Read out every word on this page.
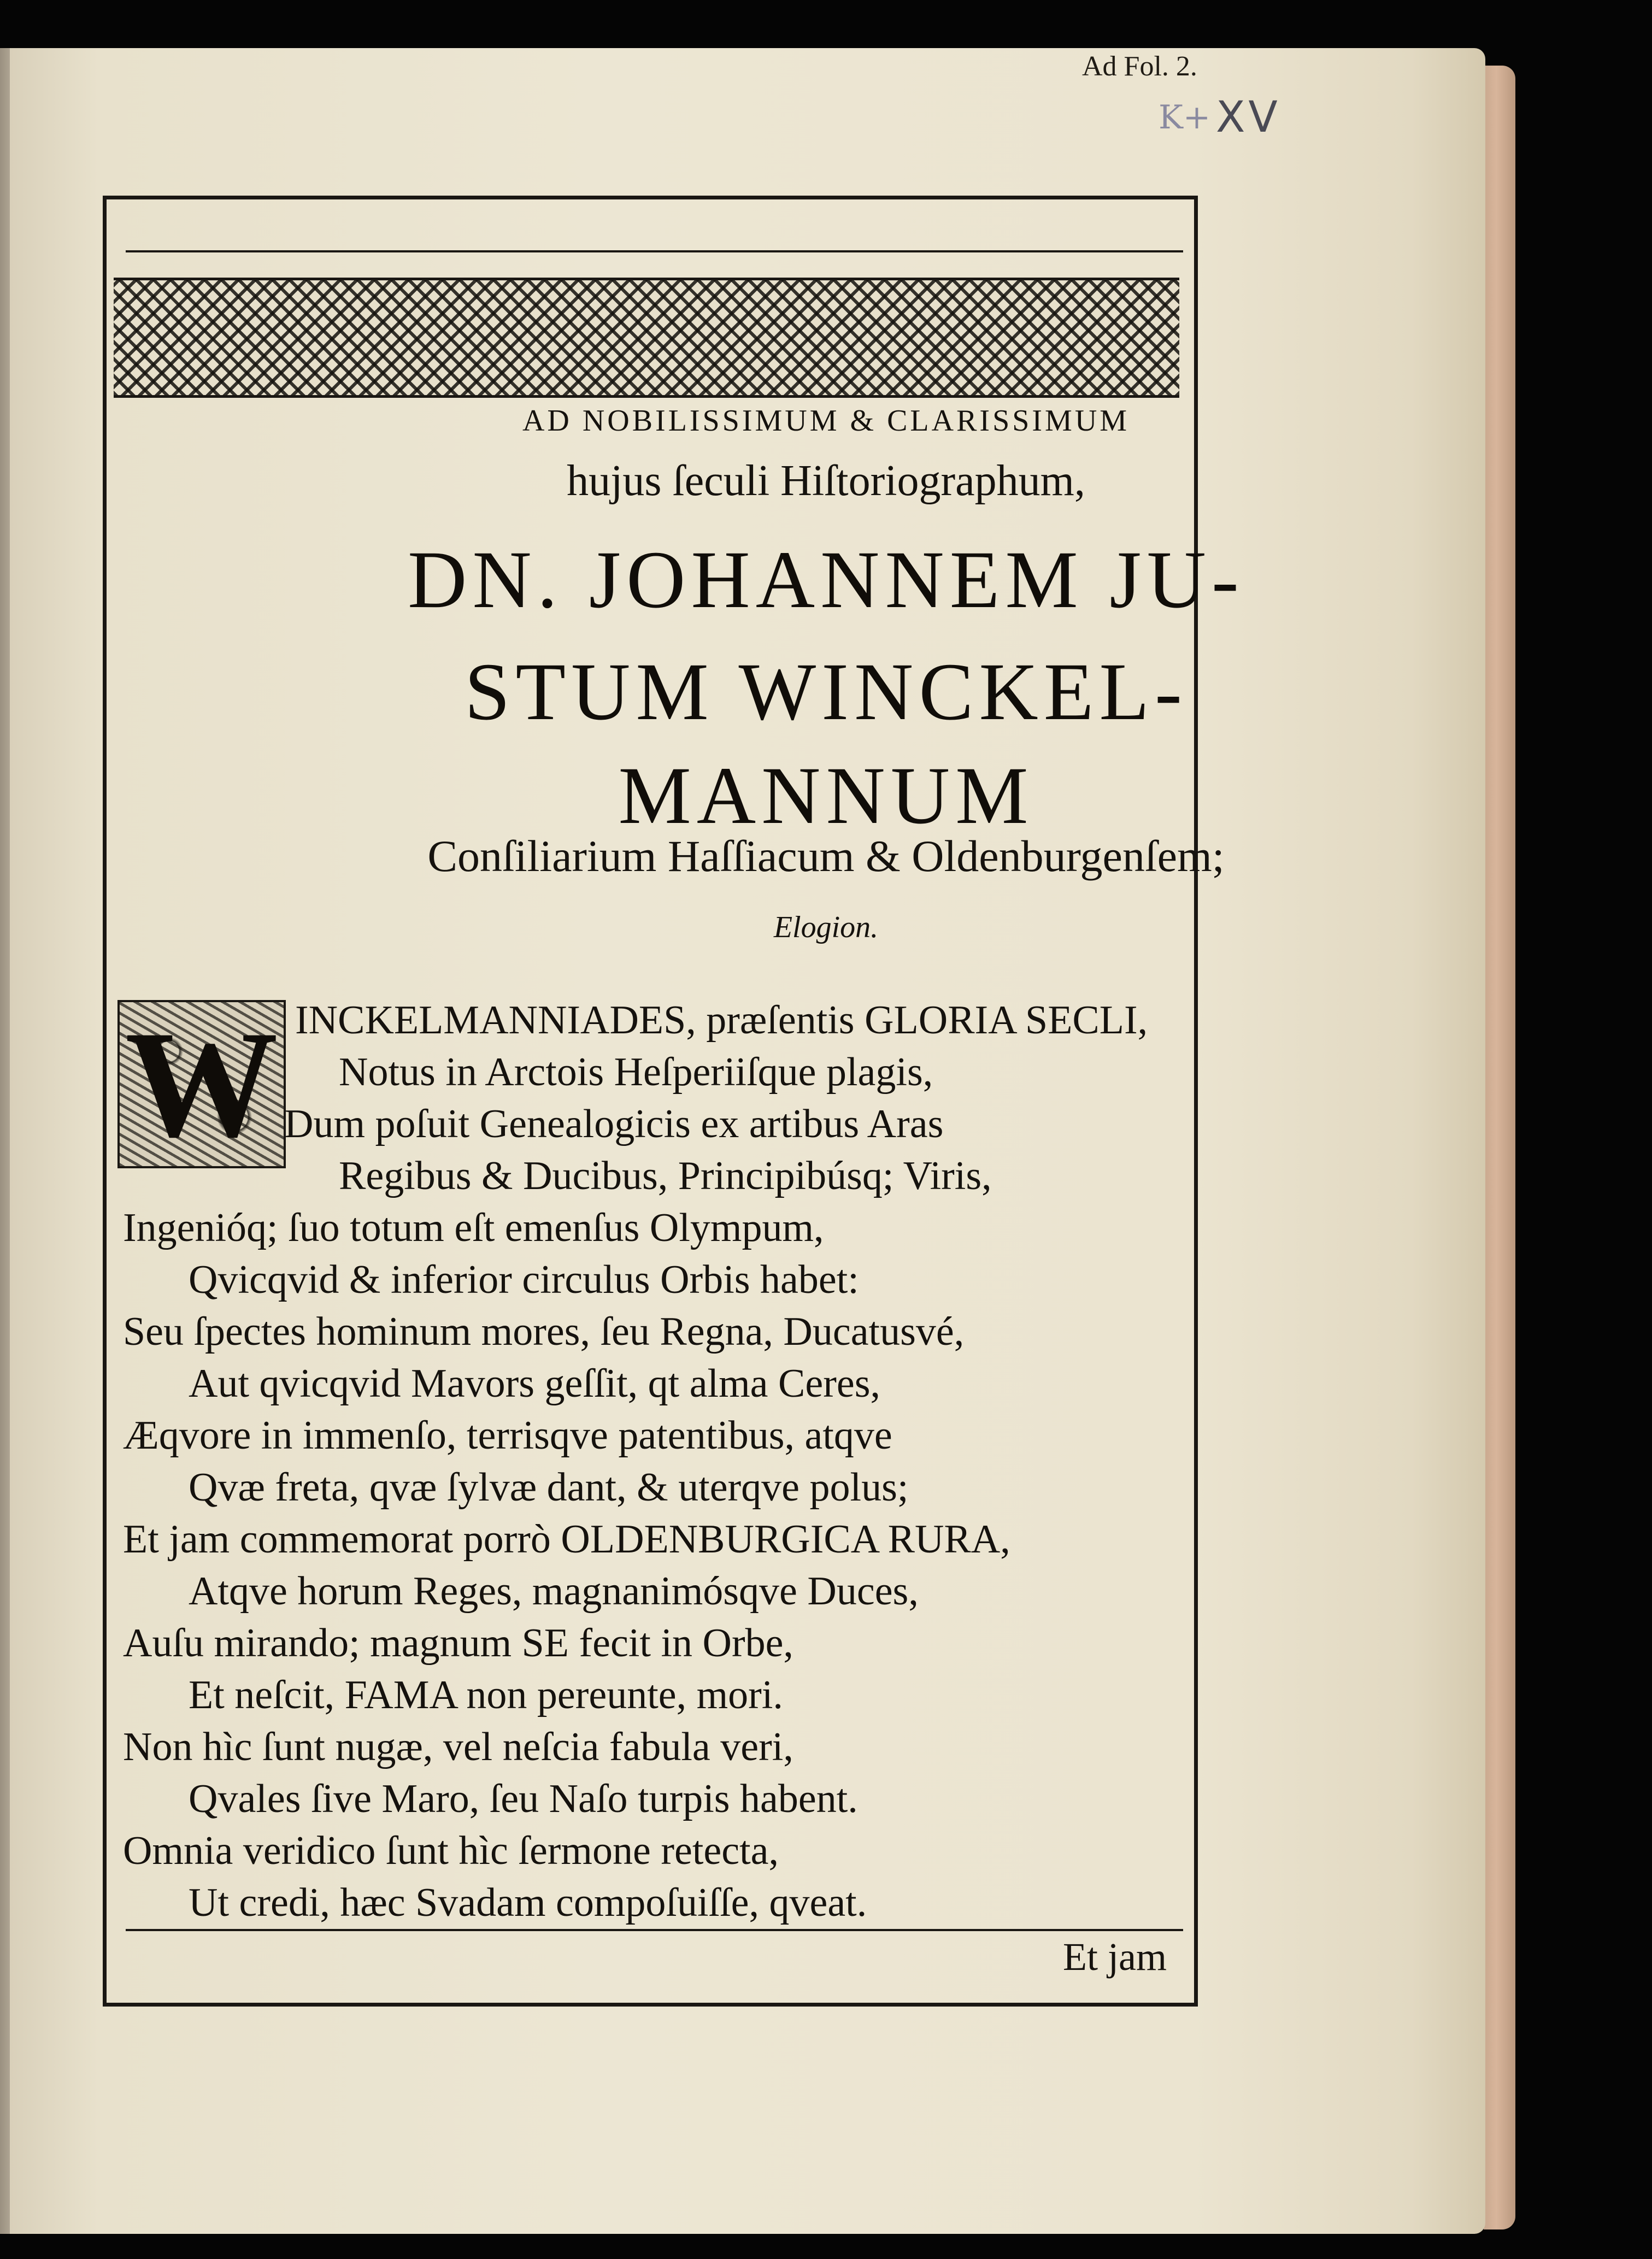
Ad Fol. 2.
K+ XV
AD NOBILISSIMUM & CLARISSIMUM
hujus ſeculi Hiſtoriographum,
DN. JOHANNEM JU-
STUM WINCKEL-
MANNUM
Conſiliarium Haſſiacum & Oldenburgenſem;
Elogion.
W INCKELMANNIADES, præſentis GLORIA SECLI,
Notus in Arctois Heſperiiſque plagis,
Dum poſuit Genealogicis ex artibus Aras
Regibus & Ducibus, Principibúsq; Viris,
Ingenióq; ſuo totum eſt emenſus Olympum,
Qvicqvid & inferior circulus Orbis habet:
Seu ſpectes hominum mores, ſeu Regna, Ducatusvé,
Aut qvicqvid Mavors geſſit, qt alma Ceres,
Æqvore in immenſo, terrisqve patentibus, atqve
Qvæ freta, qvæ ſylvæ dant, & uterqve polus;
Et jam commemorat porrò OLDENBURGICA RURA,
Atqve horum Reges, magnanimósqve Duces,
Auſu mirando; magnum SE fecit in Orbe,
Et neſcit, FAMA non pereunte, mori.
Non hìc ſunt nugæ, vel neſcia fabula veri,
Qvales ſive Maro, ſeu Naſo turpis habent.
Omnia veridico ſunt hìc ſermone retecta,
Ut credi, hæc Svadam compoſuiſſe, qveat.
Et jam
